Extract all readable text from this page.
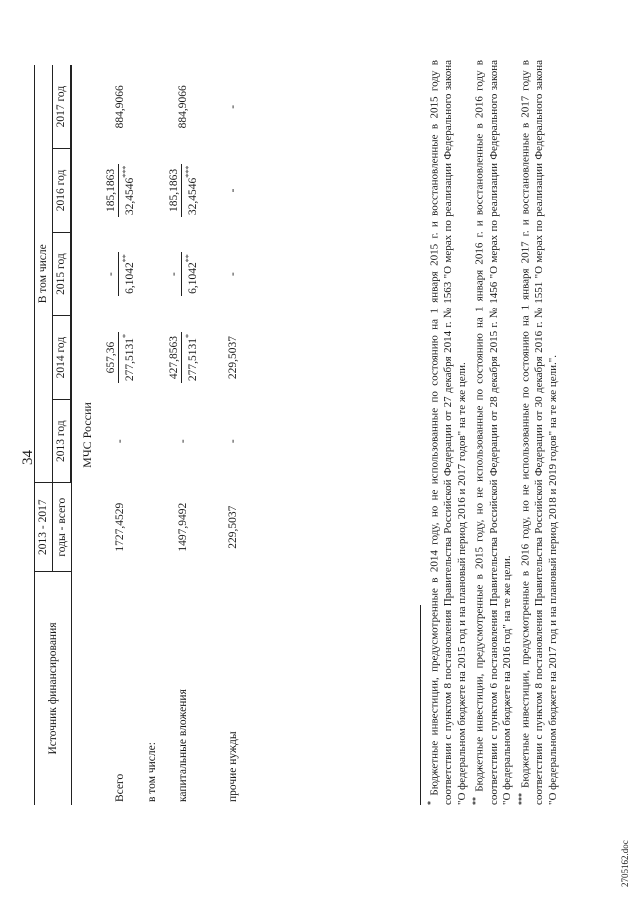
34
Источник финансирования	2013 - 2017	В том числе				
	годы - всего	2013 год	2014 год	2015 год	2016 год	2017 год

МЧС России						
Всего	1727,4529	-	657,36 277,5131*	- 6,1042**	185,1863 32,4546***	884,9066

в том числе:						

капитальные вложения	1497,9492	-	427,8563 277,5131*	- 6,1042**	185,1863 32,4546***	884,9066

прочие нужды	229,5037	-	229,5037	-	-	-

* Бюджетные инвестиции, предусмотренные в 2014 году, но не использованные по состоянию на 1 января 2015 г. и восстановленные в 2015 году в соответствии с пунктом 8 постановления Правительства Российской Федерации от 27 декабря 2014 г. № 1563 "О мерах по реализации Федерального закона "О федеральном бюджете на 2015 год и на плановый период 2016 и 2017 годов" на те же цели. ** Бюджетные инвестиции, предусмотренные в 2015 году, но не использованные по состоянию на 1 января 2016 г. и восстановленные в 2016 году в соответствии с пунктом 6 постановления Правительства Российской Федерации от 28 декабря 2015 г. № 1456 "О мерах по реализации Федерального закона "О федеральном бюджете на 2016 год" на те же цели. *** Бюджетные инвестиции, предусмотренные в 2016 году, но не использованные по состоянию на 1 января 2017 г. и восстановленные в 2017 году в соответствии с пунктом 8 постановления Правительства Российской Федерации от 30 декабря 2016 г. № 1551 "О мерах по реализации Федерального закона "О федеральном бюджете на 2017 год и на плановый период 2018 и 2019 годов" на те же цели.".

2705162.doc
